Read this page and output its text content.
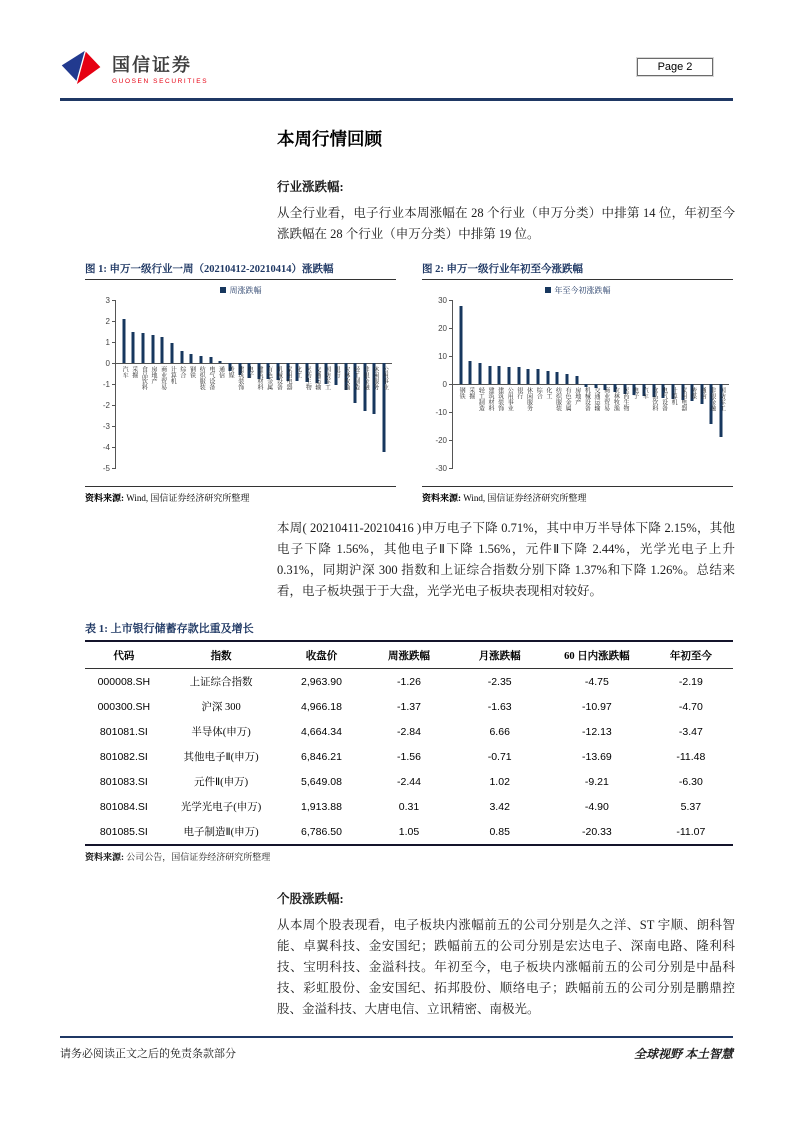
国信证券
GUOSEN SECURITIES
Page 2
本周行情回顾
行业涨跌幅:
从全行业看，电子行业本周涨幅在 28 个行业（申万分类）中排第 14 位，年初至今涨跌幅在 28 个行业（申万分类）中排第 19 位。
图 1: 申万一级行业一周（20210412-20210414）涨跌幅
周涨跌幅
3
2
1
0
-1
-2
-3
-4
-5
汽车 采掘 食品饮料 房地产 商业贸易 计算机 综合 钢铁 纺织服装 电气设备 通信 传媒 建筑装饰 电子 建筑材料 有色金属 机械设备 家用电器 化工 医药生物 交通运输 国防军工 银行 农林牧渔 轻工制造 非银金融 休闲服务 公用事业
资料来源: Wind, 国信证券经济研究所整理
图 2: 申万一级行业年初至今涨跌幅
年至今初涨跌幅
30
20
10
0
-10
-20
-30
钢铁 采掘 轻工制造 建筑材料 建筑装饰 公用事业 银行 休闲服务 综合 化工 纺织服装 有色金属 房地产 机械设备 交通运输 商业贸易 农林牧渔 医药生物 电子 汽车 食品饮料 电气设备 计算机 家用电器 传媒 通信 非银金融 国防军工
资料来源: Wind, 国信证券经济研究所整理
本周( 20210411-20210416 )申万电子下降 0.71%，其中申万半导体下降 2.15%，其他电子下降 1.56%，其他电子Ⅱ下降 1.56%，元件Ⅱ下降 2.44%，光学光电子上升 0.31%，同期沪深 300 指数和上证综合指数分别下降 1.37%和下降 1.26%。总结来看，电子板块强于于大盘，光学光电子板块表现相对较好。
表 1: 上市银行储蓄存款比重及增长
代码	指数	收盘价	周涨跌幅	月涨跌幅	60 日内涨跌幅	年初至今
000008.SH	上证综合指数	2,963.90	-1.26	-2.35	-4.75	-2.19
000300.SH	沪深 300	4,966.18	-1.37	-1.63	-10.97	-4.70
801081.SI	半导体(申万)	4,664.34	-2.84	6.66	-12.13	-3.47
801082.SI	其他电子Ⅱ(申万)	6,846.21	-1.56	-0.71	-13.69	-11.48
801083.SI	元件Ⅱ(申万)	5,649.08	-2.44	1.02	-9.21	-6.30
801084.SI	光学光电子(申万)	1,913.88	0.31	3.42	-4.90	5.37
801085.SI	电子制造Ⅱ(申万)	6,786.50	1.05	0.85	-20.33	-11.07
资料来源: 公司公告，国信证券经济研究所整理
个股涨跌幅:
从本周个股表现看，电子板块内涨幅前五的公司分别是久之洋、ST 宇顺、朗科智能、卓翼科技、金安国纪；跌幅前五的公司分别是宏达电子、深南电路、隆利科技、宝明科技、金溢科技。年初至今，电子板块内涨幅前五的公司分别是中晶科技、彩虹股份、金安国纪、拓邦股份、顺络电子；跌幅前五的公司分别是鹏鼎控股、金溢科技、大唐电信、立讯精密、南极光。
请务必阅读正文之后的免责条款部分	全球视野 本土智慧
